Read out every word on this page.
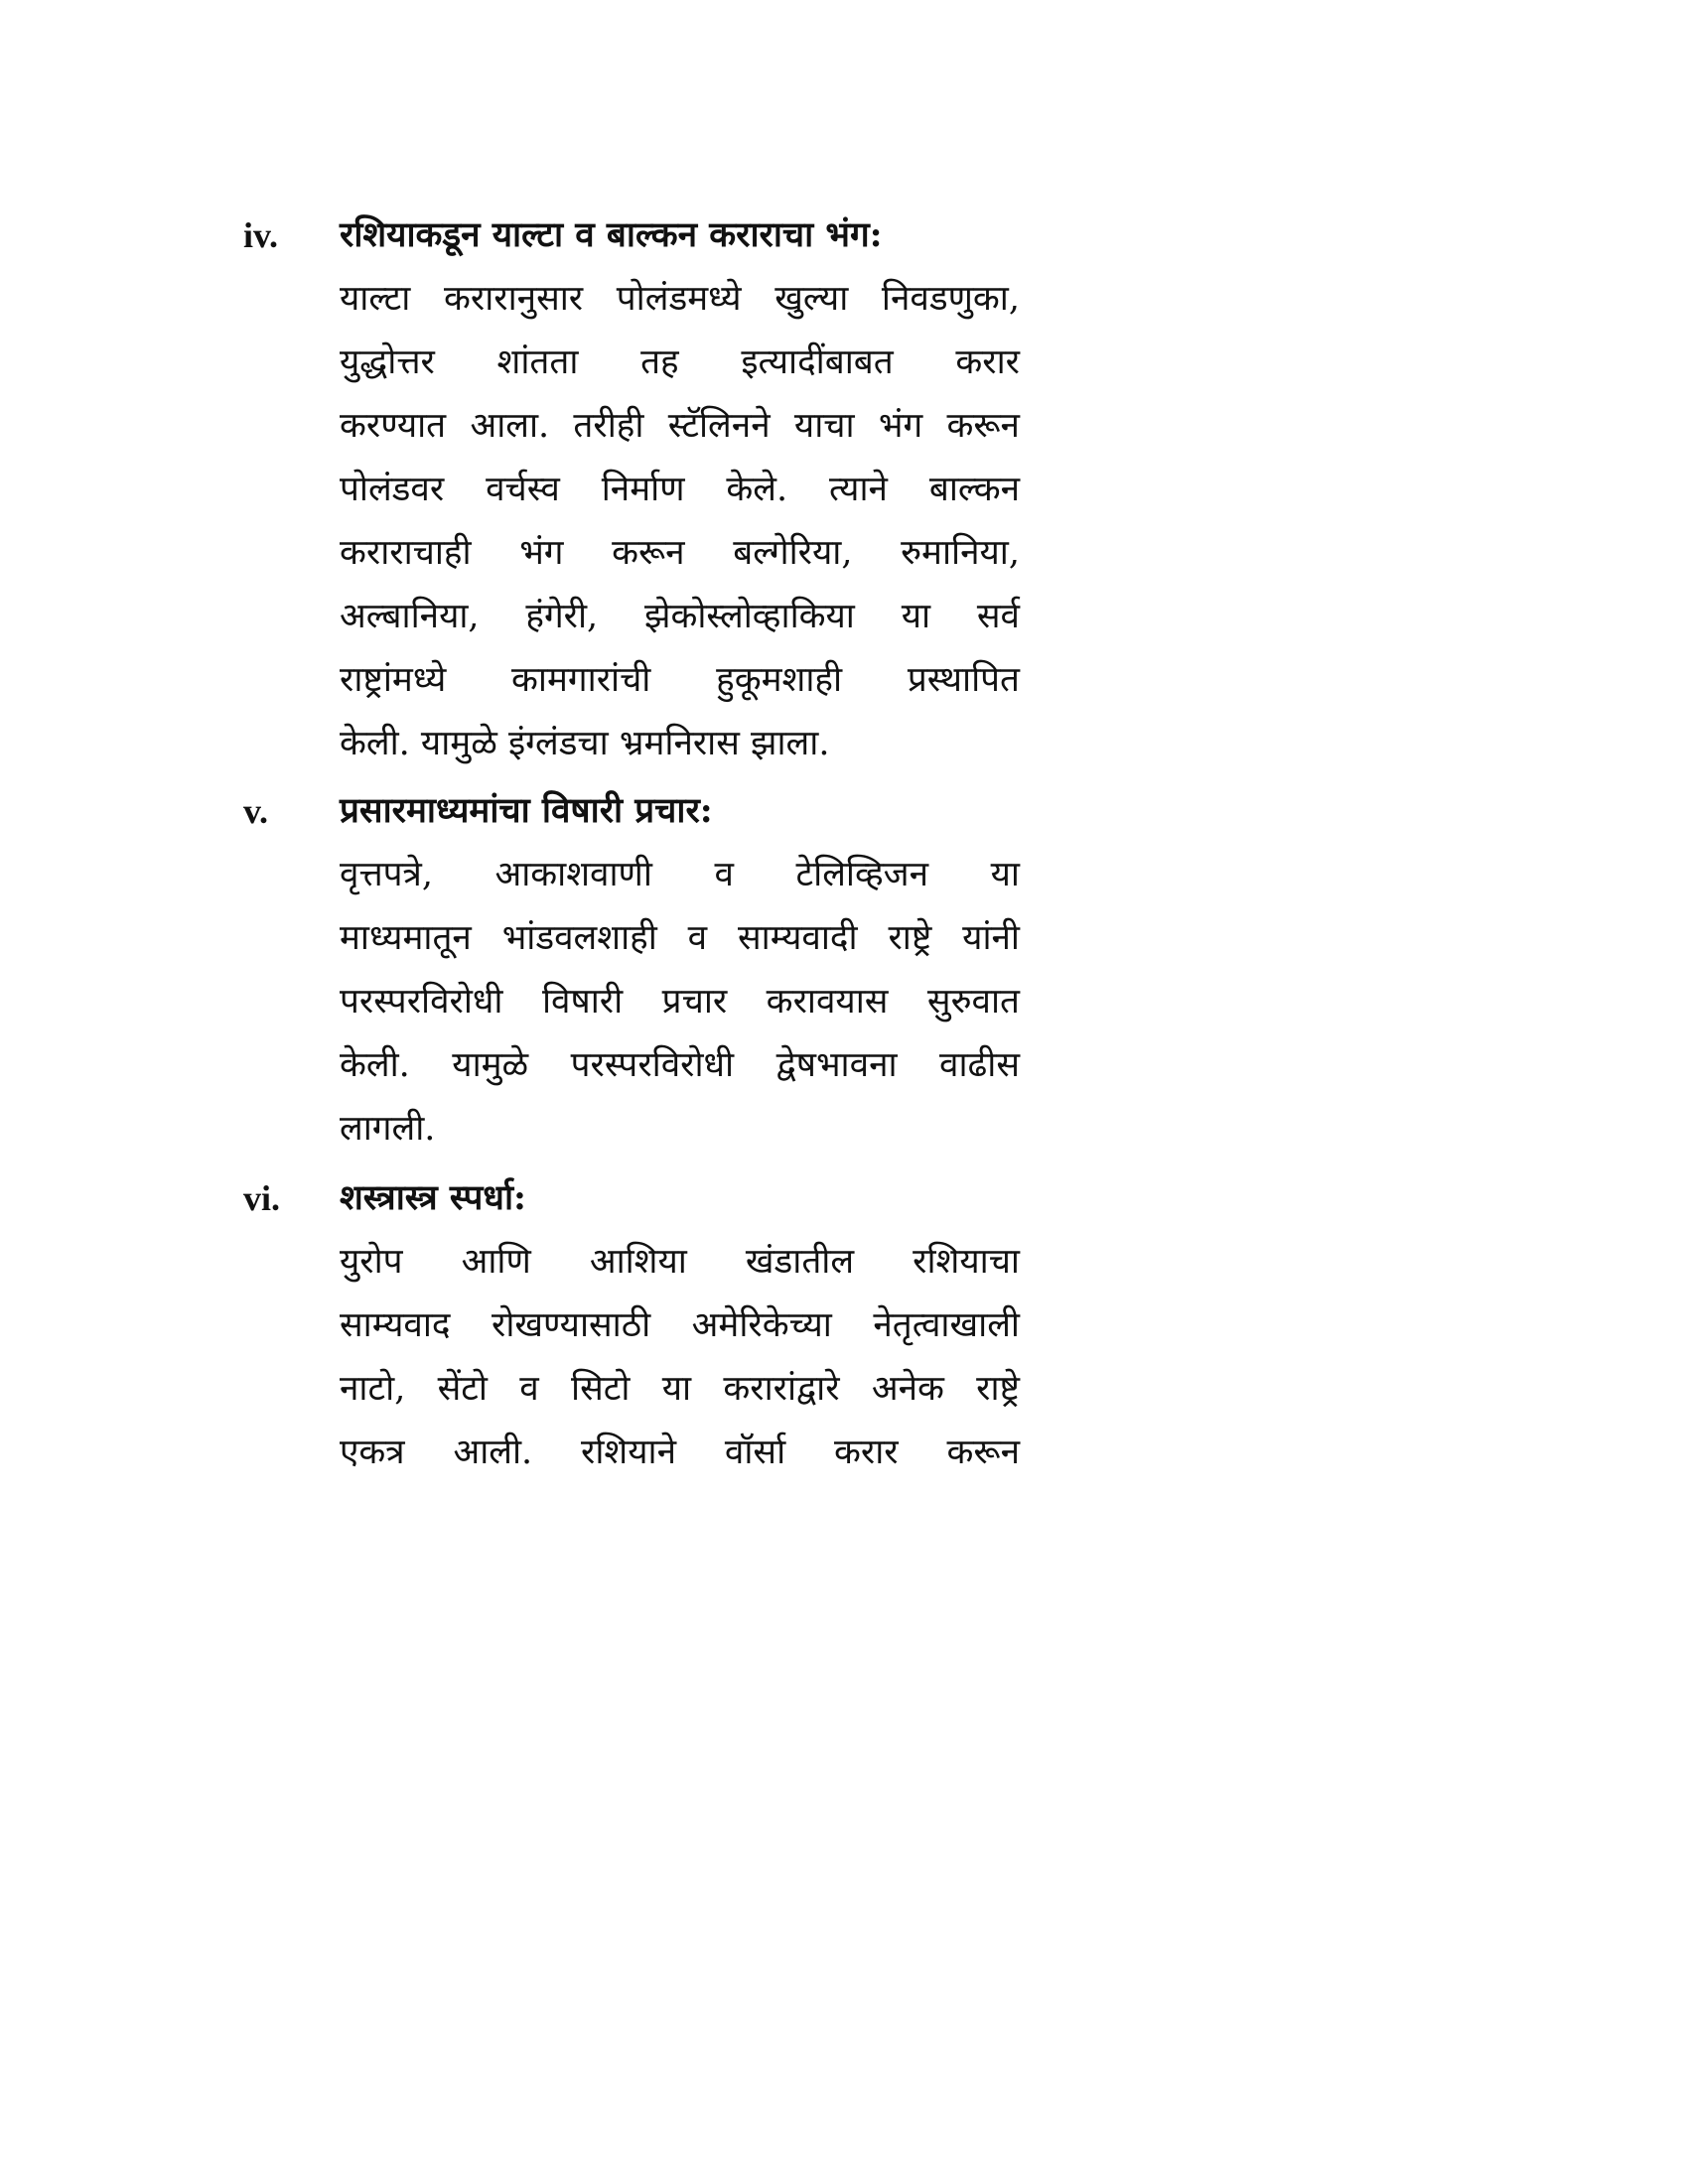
iv. रशियाकडून याल्टा व बाल्कन कराराचा भंग:
याल्टा करारानुसार पोलंडमध्ये खुल्या निवडणुका,
युद्धोत्तर शांतता तह इत्यादींबाबत करार
करण्यात आला. तरीही स्टॅलिनने याचा भंग करून
पोलंडवर वर्चस्व निर्माण केले. त्याने बाल्कन
कराराचाही भंग करून बल्गेरिया, रुमानिया,
अल्बानिया, हंगेरी, झेकोस्लोव्हाकिया या सर्व
राष्ट्रांमध्ये कामगारांची हुकूमशाही प्रस्थापित
केली. यामुळे इंग्लंडचा भ्रमनिरास झाला.
v. प्रसारमाध्यमांचा विषारी प्रचार:
वृत्तपत्रे, आकाशवाणी व टेलिव्हिजन या
माध्यमातून भांडवलशाही व साम्यवादी राष्ट्रे यांनी
परस्परविरोधी विषारी प्रचार करावयास सुरुवात
केली. यामुळे परस्परविरोधी द्वेषभावना वाढीस
लागली.
vi. शस्त्रास्त्र स्पर्धा:
युरोप आणि आशिया खंडातील रशियाचा
साम्यवाद रोखण्यासाठी अमेरिकेच्या नेतृत्वाखाली
नाटो, सेंटो व सिटो या करारांद्वारे अनेक राष्ट्रे
एकत्र आली. रशियाने वॉर्सा करार करून
